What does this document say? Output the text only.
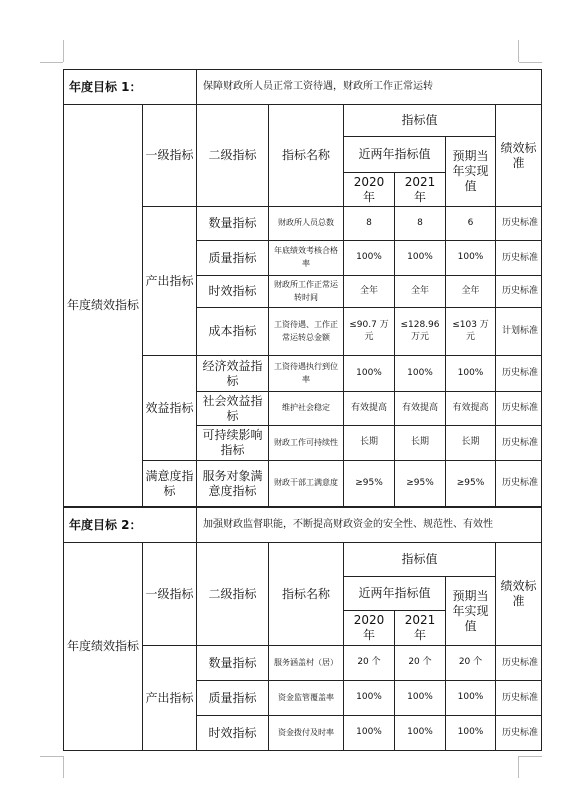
年度目标 1：		保障财政所人员正常工资待遇，财政所工作正常运转					
年度绩效指标	一级指标	二级指标	指标名称	指标值			绩效标准
				近两年指标值		预期当年实现值	
				2020 年	2021 年		
	产出指标	数量指标	财政所人员总数	8	8	6	历史标准
		质量指标	年底绩效考核合格率	100%	100%	100%	历史标准
		时效指标	财政所工作正常运转时间	全年	全年	全年	历史标准
		成本指标	工资待遇、工作正常运转总金额	≤90.7 万元	≤128.96 万元	≤103 万元	计划标准
	效益指标	经济效益指标	工资待遇执行到位率	100%	100%	100%	历史标准
		社会效益指标	维护社会稳定	有效提高	有效提高	有效提高	历史标准
		可持续影响指标	财政工作可持续性	长期	长期	长期	历史标准
	满意度指标	服务对象满意度指标	财政干部工满意度	≥95%	≥95%	≥95%	历史标准
年度目标 2：		加强财政监督职能，不断提高财政资金的安全性、规范性、有效性					
年度绩效指标	一级指标	二级指标	指标名称	指标值			绩效标准
				近两年指标值		预期当年实现值	
				2020 年	2021 年		
	产出指标	数量指标	服务涵盖村（居）	20 个	20 个	20 个	历史标准
		质量指标	资金监管覆盖率	100%	100%	100%	历史标准
		时效指标	资金拨付及时率	100%	100%	100%	历史标准
